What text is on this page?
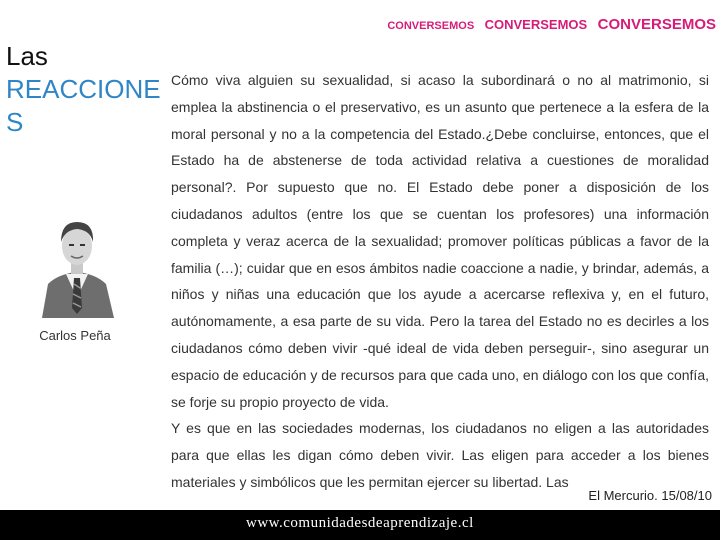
CONVERSEMOS CONVERSEMOS CONVERSEMOS
Las
REACCIONES
Carlos Peña

Cómo viva alguien su sexualidad, si acaso la subordinará o no al matrimonio, si emplea la abstinencia o el preservativo, es un asunto que pertenece a la esfera de la moral personal y no a la competencia del Estado.¿Debe concluirse, entonces, que el Estado ha de abstenerse de toda actividad relativa a cuestiones de moralidad personal?. Por supuesto que no. El Estado debe poner a disposición de los ciudadanos adultos (entre los que se cuentan los profesores) una información completa y veraz acerca de la sexualidad; promover políticas públicas a favor de la familia (…); cuidar que en esos ámbitos nadie coaccione a nadie, y brindar, además, a niños y niñas una educación que los ayude a acercarse reflexiva y, en el futuro, autónomamente, a esa parte de su vida. Pero la tarea del Estado no es decirles a los ciudadanos cómo deben vivir -qué ideal de vida deben perseguir-, sino asegurar un espacio de educación y de recursos para que cada uno, en diálogo con los que confía, se forje su propio proyecto de vida.

Y es que en las sociedades modernas, los ciudadanos no eligen a las autoridades para que ellas les digan cómo deben vivir. Las eligen para acceder a los bienes materiales y simbólicos que les permitan ejercer su libertad. Las

El Mercurio. 15/08/10
www.comunidadesdeaprendizaje.cl
